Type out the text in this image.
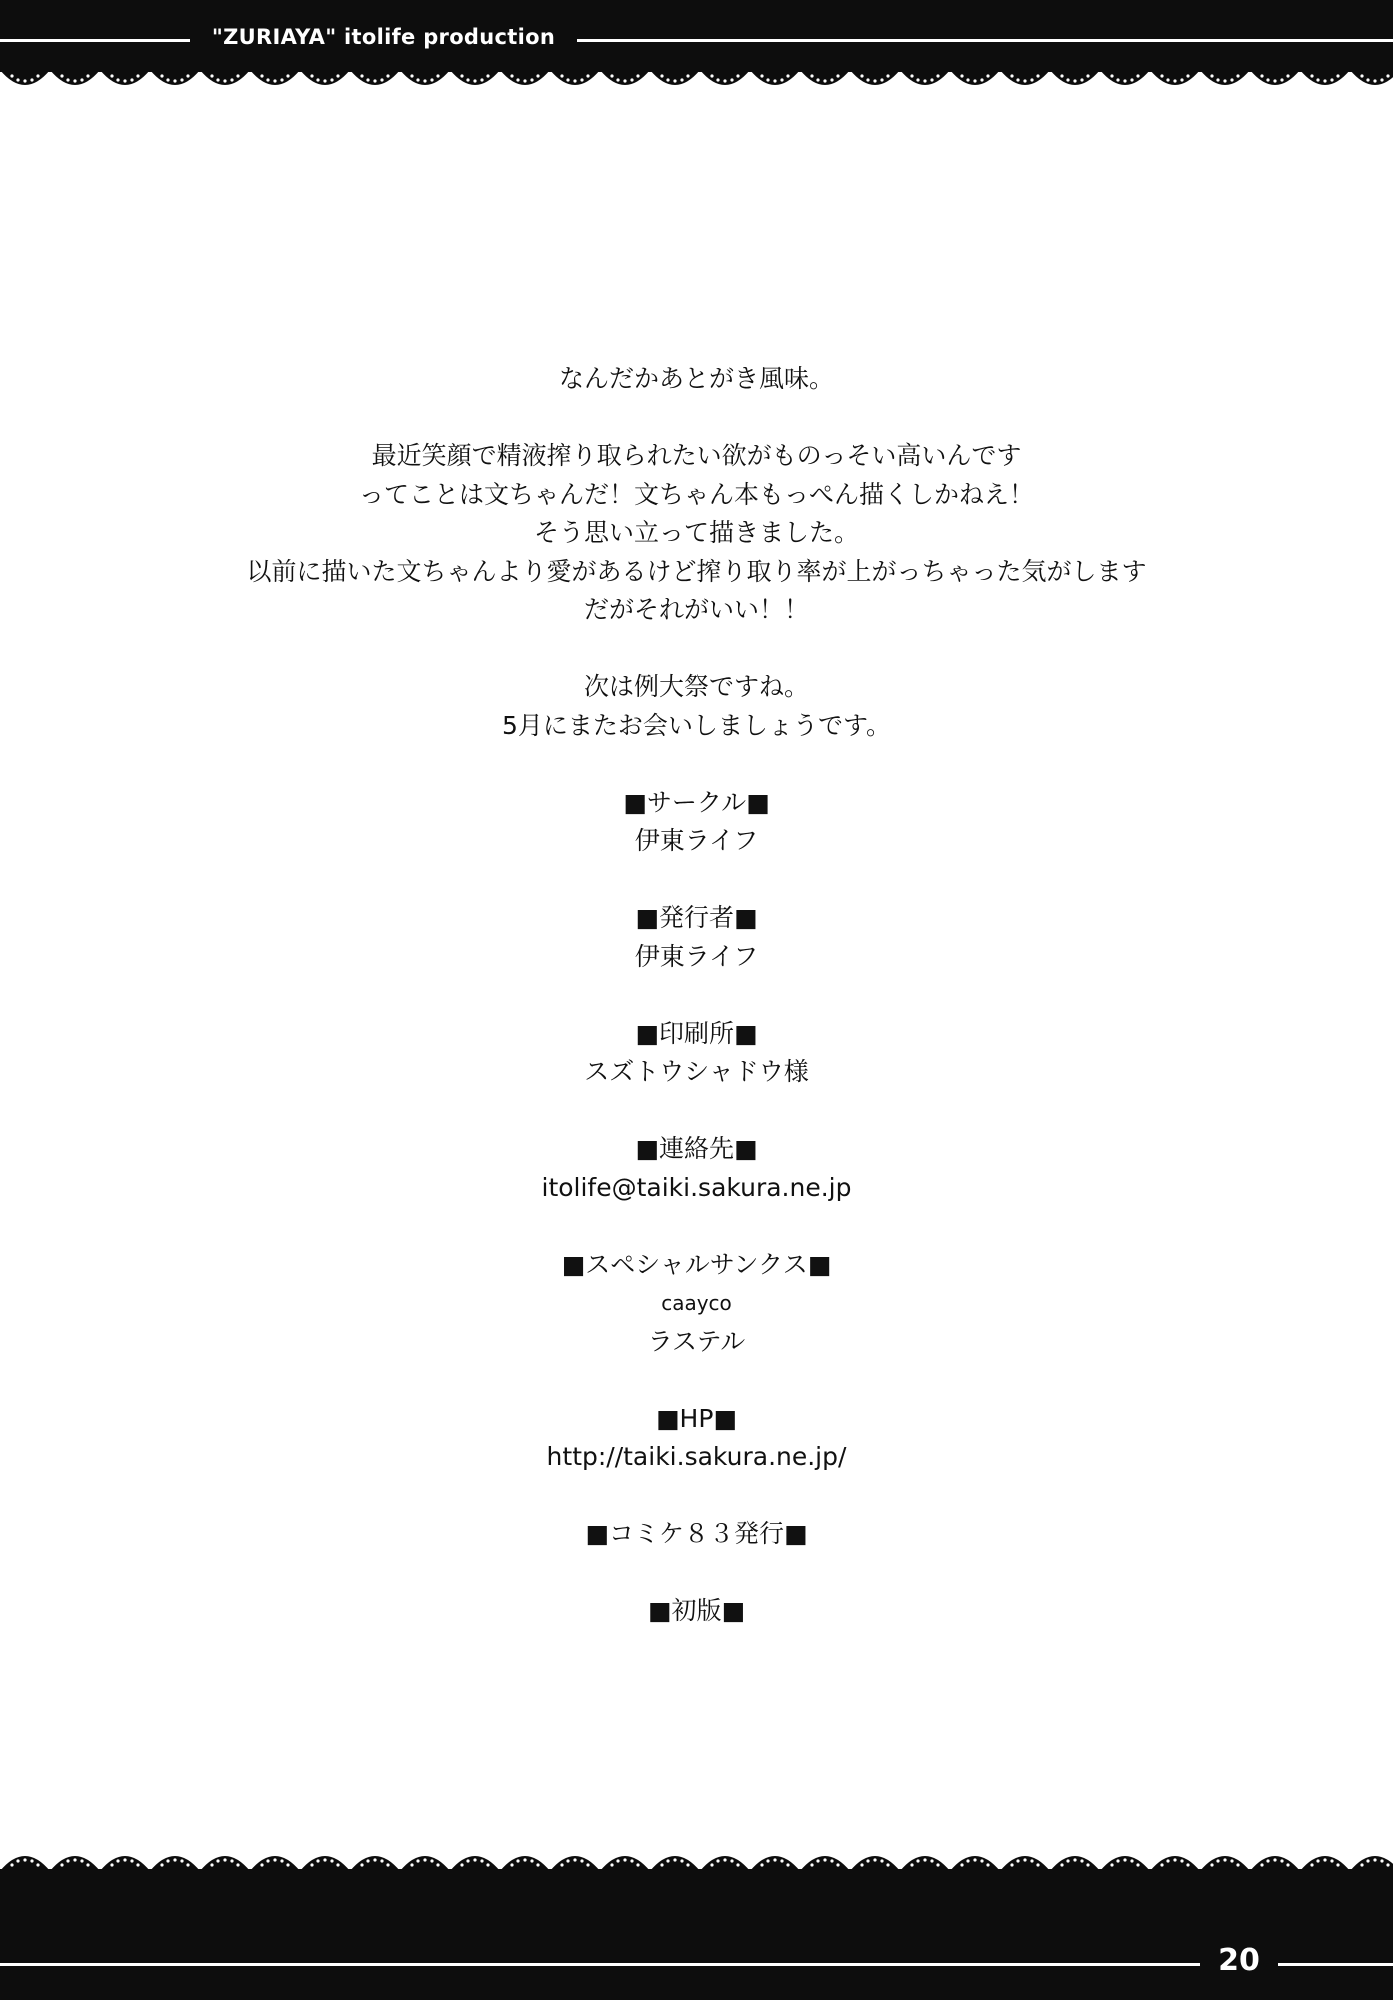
"ZURIAYA" itolife production
なんだかあとがき風味。
最近笑顔で精液搾り取られたい欲がものっそい高いんです
ってことは文ちゃんだ！文ちゃん本もっぺん描くしかねえ！
そう思い立って描きました。
以前に描いた文ちゃんより愛があるけど搾り取り率が上がっちゃった気がします
だがそれがいい！！
次は例大祭ですね。
5月にまたお会いしましょうです。
■サークル■
伊東ライフ
■発行者■
伊東ライフ
■印刷所■
スズトウシャドウ様
■連絡先■
itolife@taiki.sakura.ne.jp
■スペシャルサンクス■
caayco
ラステル
■HP■
http://taiki.sakura.ne.jp/
■コミケ８３発行■
■初版■
20
